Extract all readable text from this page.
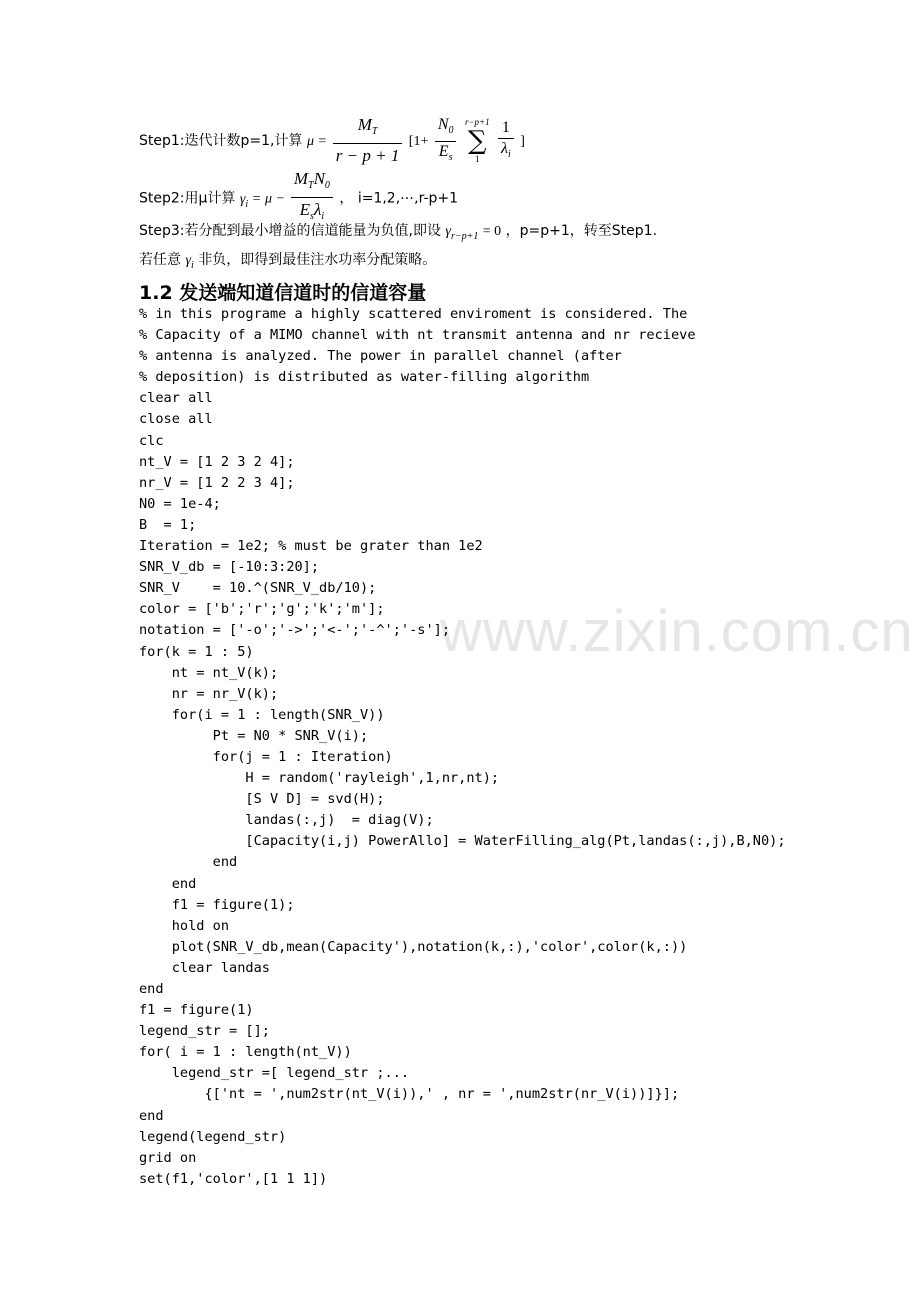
www.zixin.com.cn
Step1:迭代计数p=1,计算 $\mu = \frac{M_T}{r - p + 1} [1+ \frac{N_0}{E_s}$
r−p+1
∑
1
	$\frac{1}{\lambda_i}$ ]
Step2:用μ计算 $\gamma_i = \mu - \frac{M_TN_0}{E_s\lambda_i}$ ， i=1,2,⋯,r-p+1
Step3:若分配到最小增益的信道能量为负值,即设 $\gamma_{r-p+1} = 0$ ，p=p+1，转至Step1.
若任意 $\gamma_i$ 非负，即得到最佳注水功率分配策略。
1.2 发送端知道信道时的信道容量
% in this programe a highly scattered enviroment is considered. The
% Capacity of a MIMO channel with nt transmit antenna and nr recieve
% antenna is analyzed. The power in parallel channel (after
% deposition) is distributed as water-filling algorithm
clear all
close all
clc
nt_V = [1 2 3 2 4];
nr_V = [1 2 2 3 4];
N0 = 1e-4;
B  = 1;
Iteration = 1e2; % must be grater than 1e2
SNR_V_db = [-10:3:20];
SNR_V    = 10.^(SNR_V_db/10);
color = ['b';'r';'g';'k';'m'];
notation = ['-o';'->';'<-';'-^';'-s'];
for(k = 1 : 5)
nt = nt_V(k);
nr = nr_V(k);
for(i = 1 : length(SNR_V))
Pt = N0 * SNR_V(i);
for(j = 1 : Iteration)
H = random('rayleigh',1,nr,nt);
[S V D] = svd(H);
landas(:,j)  = diag(V);
[Capacity(i,j) PowerAllo] = WaterFilling_alg(Pt,landas(:,j),B,N0);
end
end
f1 = figure(1);
hold on
plot(SNR_V_db,mean(Capacity'),notation(k,:),'color',color(k,:))
clear landas
end
f1 = figure(1)
legend_str = [];
for( i = 1 : length(nt_V))
legend_str =[ legend_str ;...
{['nt = ',num2str(nt_V(i)),' , nr = ',num2str(nr_V(i))]}];
end
legend(legend_str)
grid on
set(f1,'color',[1 1 1])
